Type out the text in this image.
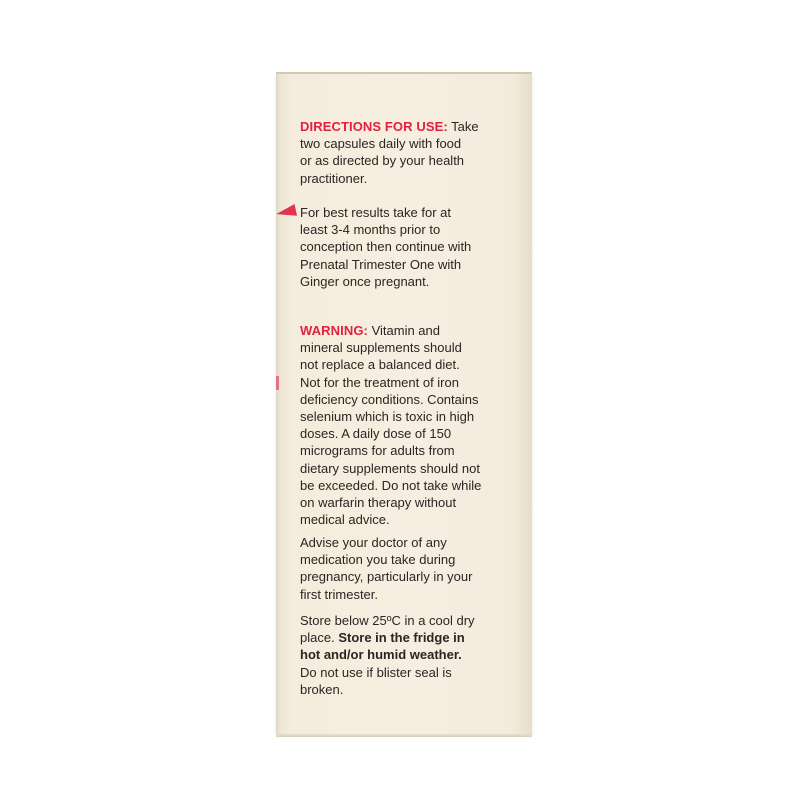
DIRECTIONS FOR USE: Take
two capsules daily with food
or as directed by your health
practitioner.
For best results take for at
least 3-4 months prior to
conception then continue with
Prenatal Trimester One with
Ginger once pregnant.
WARNING: Vitamin and
mineral supplements should
not replace a balanced diet.
Not for the treatment of iron
deficiency conditions. Contains
selenium which is toxic in high
doses. A daily dose of 150
micrograms for adults from
dietary supplements should not
be exceeded. Do not take while
on warfarin therapy without
medical advice.
Advise your doctor of any
medication you take during
pregnancy, particularly in your
first trimester.
Store below 25ºC in a cool dry
place. Store in the fridge in
hot and/or humid weather.
Do not use if blister seal is
broken.
